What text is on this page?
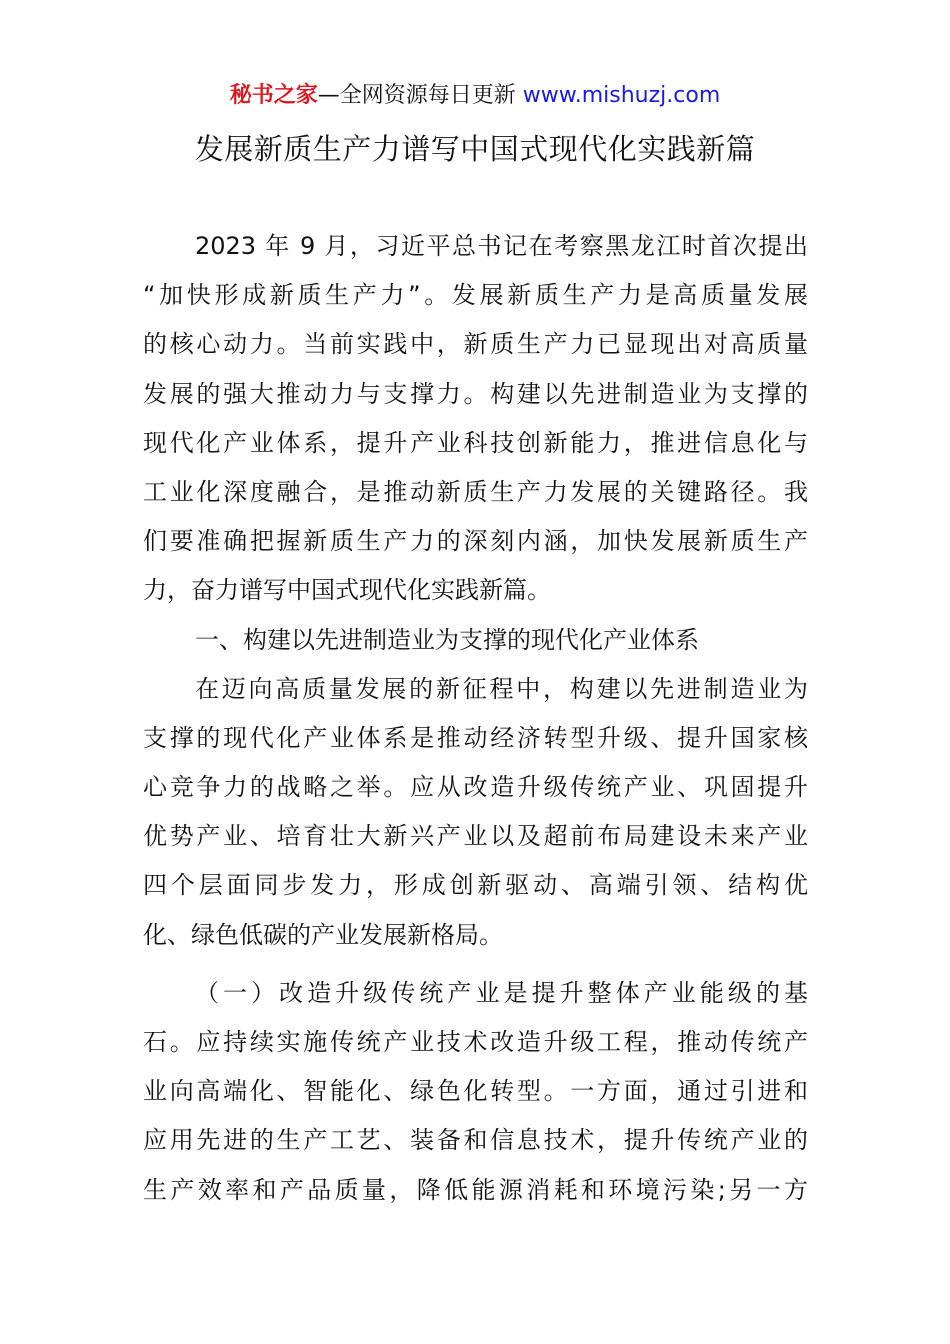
秘书之家—全网资源每日更新 www.mishuzj.com
发展新质生产力谱写中国式现代化实践新篇
2023 年 9 月，习近平总书记在考察黑龙江时首次提出
“加快形成新质生产力”。发展新质生产力是高质量发展
的核心动力。当前实践中，新质生产力已显现出对高质量
发展的强大推动力与支撑力。构建以先进制造业为支撑的
现代化产业体系，提升产业科技创新能力，推进信息化与
工业化深度融合，是推动新质生产力发展的关键路径。我
们要准确把握新质生产力的深刻内涵，加快发展新质生产
力，奋力谱写中国式现代化实践新篇。
一、构建以先进制造业为支撑的现代化产业体系
在迈向高质量发展的新征程中，构建以先进制造业为
支撑的现代化产业体系是推动经济转型升级、提升国家核
心竞争力的战略之举。应从改造升级传统产业、巩固提升
优势产业、培育壮大新兴产业以及超前布局建设未来产业
四个层面同步发力，形成创新驱动、高端引领、结构优
化、绿色低碳的产业发展新格局。
（一）改造升级传统产业是提升整体产业能级的基
石。应持续实施传统产业技术改造升级工程，推动传统产
业向高端化、智能化、绿色化转型。一方面，通过引进和
应用先进的生产工艺、装备和信息技术，提升传统产业的
生产效率和产品质量，降低能源消耗和环境污染;另一方
